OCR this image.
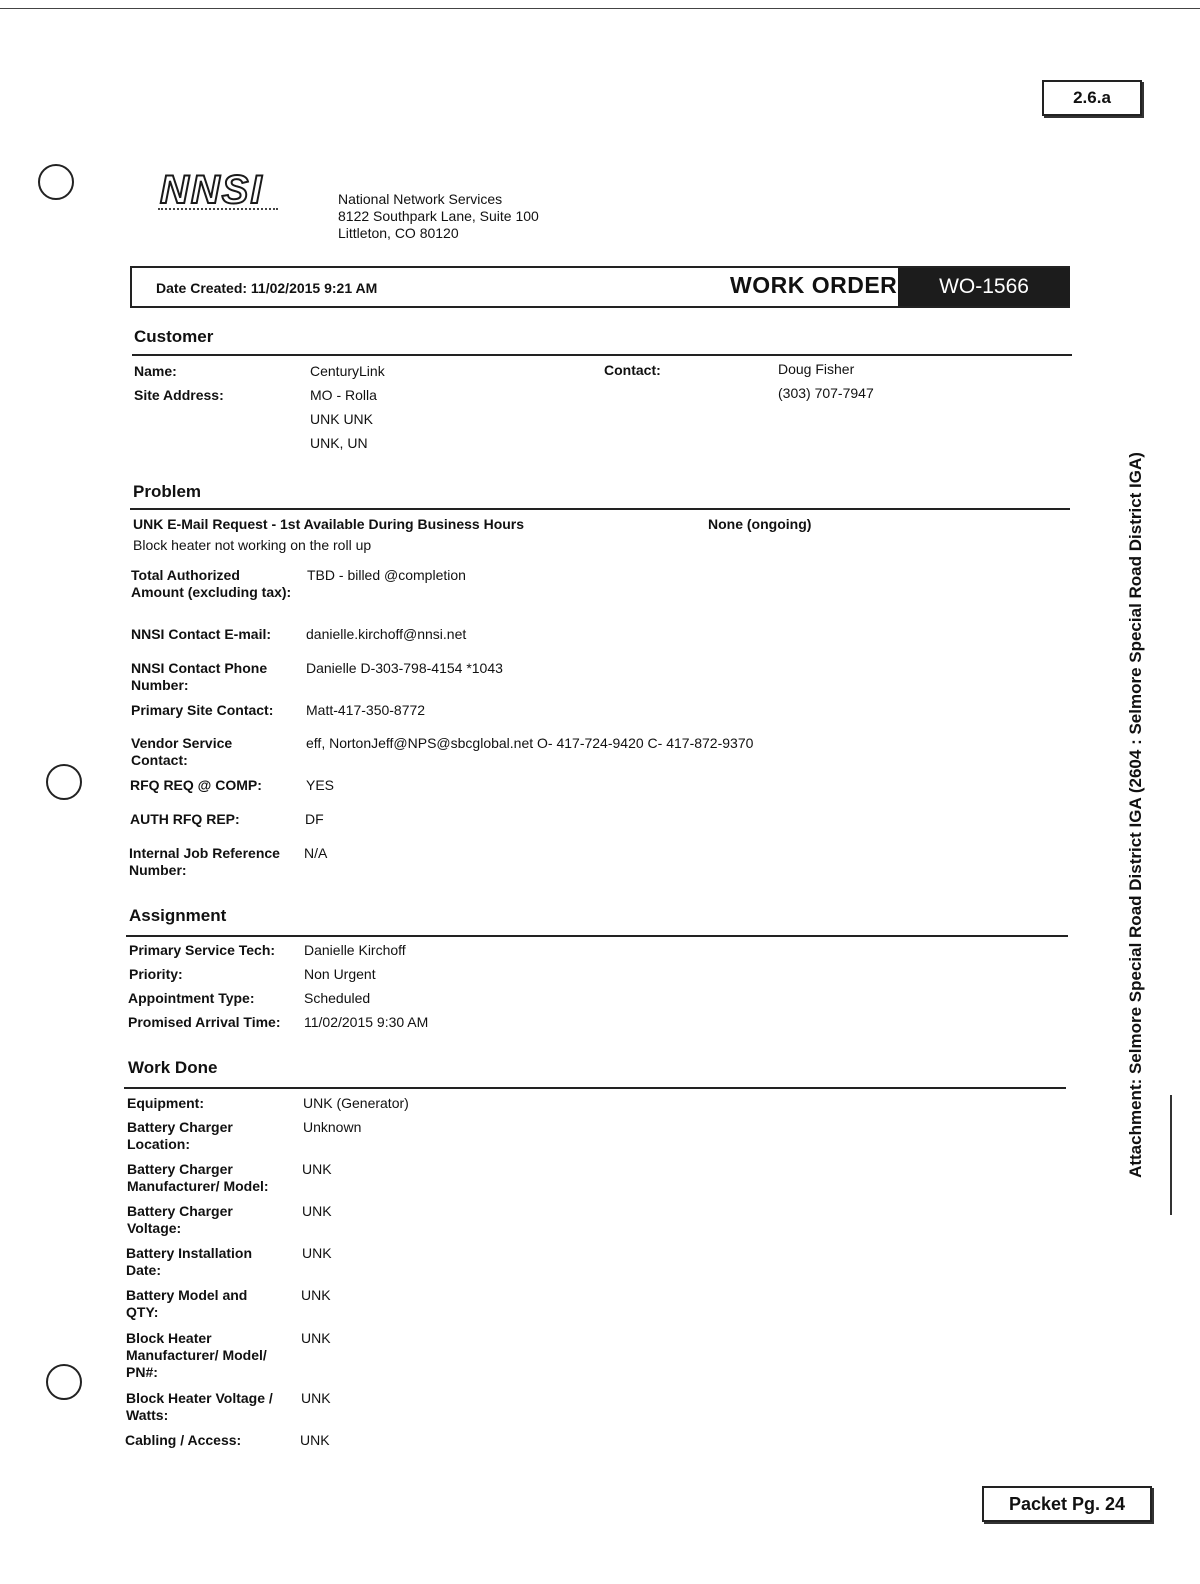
2.6.a
NNSI	National Network Services
8122 Southpark Lane, Suite 100
Littleton, CO 80120
Date Created: 11/02/2015 9:21 AM	WORK ORDER	WO-1566
Customer
Name:	CenturyLink	Contact:	Doug Fisher
(303) 707-7947
Site Address:	MO - Rolla
UNK UNK
UNK, UN
Problem
UNK E-Mail Request - 1st Available During Business Hours	None (ongoing)
Block heater not working on the roll up
Total Authorized Amount (excluding tax):
TBD - billed @completion
NNSI Contact E-mail: danielle.kirchoff@nnsi.net
NNSI Contact Phone Number:
Danielle D-303-798-4154 *1043
Primary Site Contact: Matt-417-350-8772
Vendor Service Contact:
eff, NortonJeff@NPS@sbcglobal.net O- 417-724-9420 C- 417-872-9370
RFQ REQ @ COMP:	YES
AUTH RFQ REP:	DF
Internal Job Reference Number:
N/A
Assignment
Primary Service Tech: Danielle Kirchoff
Priority:	Non Urgent
Appointment Type:	Scheduled
Promised Arrival Time: 11/02/2015 9:30 AM
Work Done
Equipment:	UNK (Generator)
Battery Charger Location:
Unknown
Battery Charger Manufacturer/ Model:
UNK
Battery Charger Voltage:
UNK
Battery Installation Date:
UNK
Battery Model and QTY:
UNK
Block Heater Manufacturer/ Model/ PN#:
UNK
Block Heater Voltage / Watts:
UNK
Cabling / Access:	UNK
Attachment: Selmore Special Road District IGA (2604 : Selmore Special Road District IGA)
Packet Pg. 24
